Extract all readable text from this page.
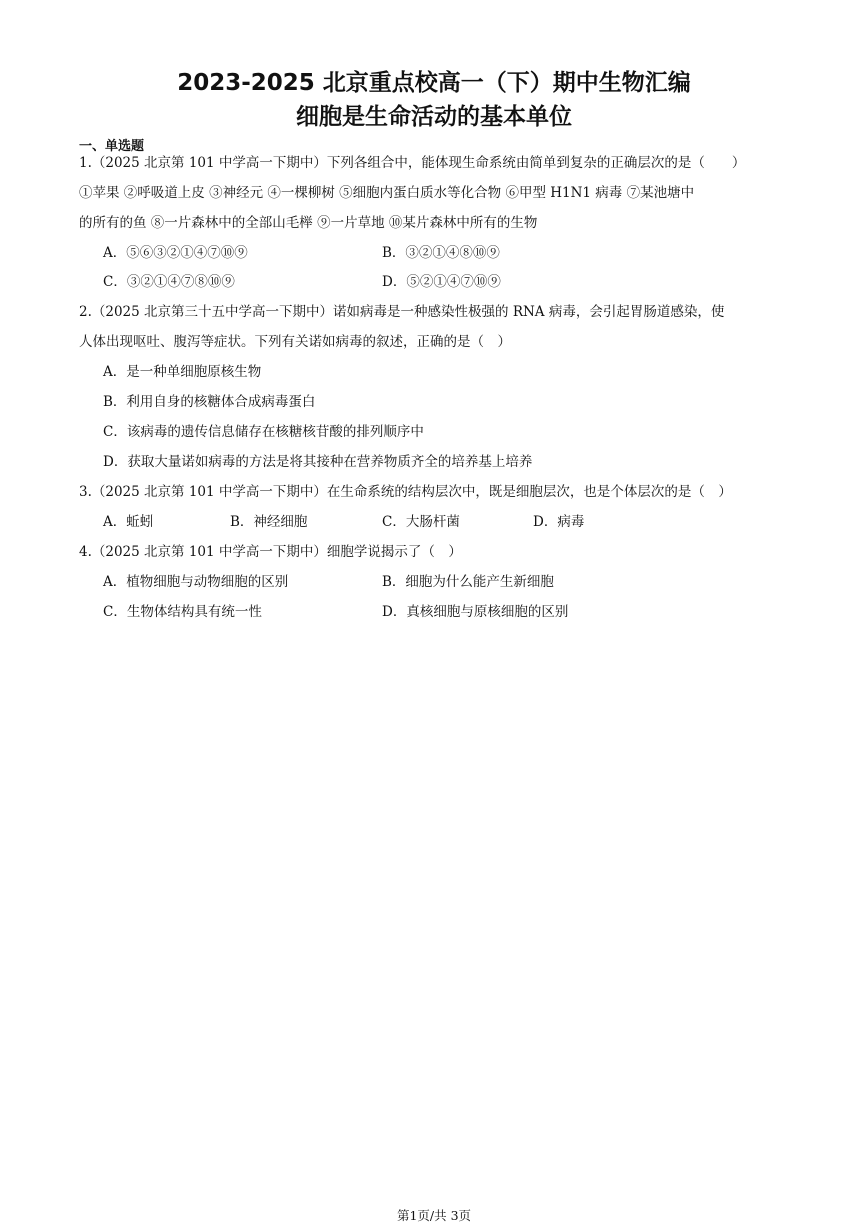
2023-2025 北京重点校高一（下）期中生物汇编
细胞是生命活动的基本单位
一、单选题
1.（2025 北京第 101 中学高一下期中）下列各组合中，能体现生命系统由简单到复杂的正确层次的是（　　）
①苹果 ②呼吸道上皮 ③神经元 ④一棵柳树 ⑤细胞内蛋白质水等化合物 ⑥甲型 H1N1 病毒 ⑦某池塘中
的所有的鱼 ⑧一片森林中的全部山毛榉 ⑨一片草地 ⑩某片森林中所有的生物
A．⑤⑥③②①④⑦⑩⑨	B．③②①④⑧⑩⑨
C．③②①④⑦⑧⑩⑨	D．⑤②①④⑦⑩⑨
2.（2025 北京第三十五中学高一下期中）诺如病毒是一种感染性极强的 RNA 病毒，会引起胃肠道感染，使
人体出现呕吐、腹泻等症状。下列有关诺如病毒的叙述，正确的是（　）
A．是一种单细胞原核生物
B．利用自身的核糖体合成病毒蛋白
C．该病毒的遗传信息储存在核糖核苷酸的排列顺序中
D．获取大量诺如病毒的方法是将其接种在营养物质齐全的培养基上培养
3.（2025 北京第 101 中学高一下期中）在生命系统的结构层次中，既是细胞层次，也是个体层次的是（　）
A．蚯蚓	B．神经细胞	C．大肠杆菌	D．病毒
4.（2025 北京第 101 中学高一下期中）细胞学说揭示了（　）
A．植物细胞与动物细胞的区别	B．细胞为什么能产生新细胞
C．生物体结构具有统一性	D．真核细胞与原核细胞的区别
第1页/共 3页
